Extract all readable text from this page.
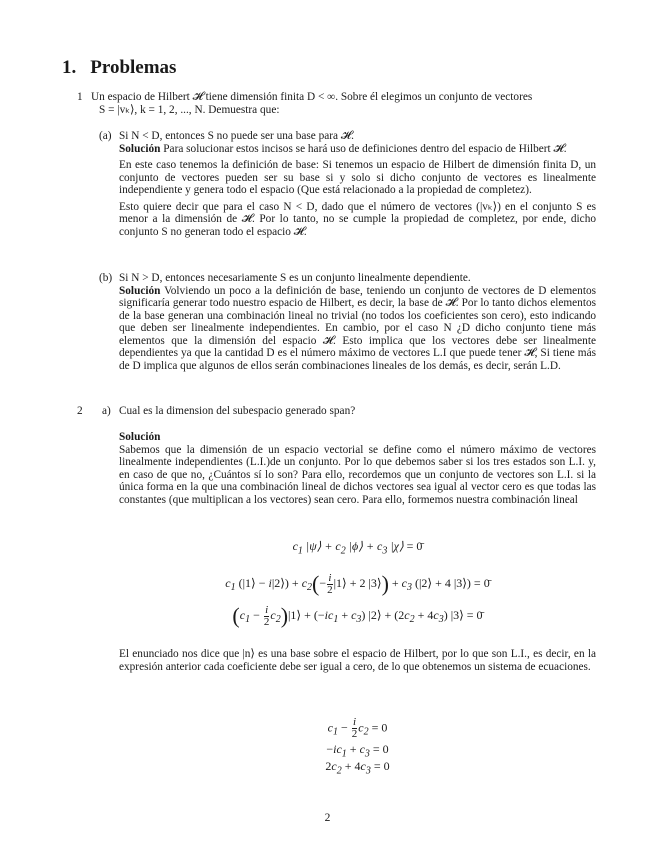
1. Problemas
1 Un espacio de Hilbert 𝓗 tiene dimensión finita D < ∞. Sobre él elegimos un conjunto de vectores

S = |vₖ⟩, k = 1, 2, ..., N. Demuestra que:

(a) Si N < D, entonces S no puede ser una base para 𝓗.

Solución Para solucionar estos incisos se hará uso de definiciones dentro del espacio de Hilbert 𝓗.

En este caso tenemos la definición de base: Si tenemos un espacio de Hilbert de dimensión finita D, un conjunto de vectores pueden ser su base si y solo si dicho conjunto de vectores es linealmente independiente y genera todo el espacio (Que está relacionado a la propiedad de completez).

Esto quiere decir que para el caso N < D, dado que el número de vectores (|vₖ⟩) en el conjunto S es menor a la dimensión de 𝓗. Por lo tanto, no se cumple la propiedad de completez, por ende, dicho conjunto S no generan todo el espacio 𝓗.

(b) Si N > D, entonces necesariamente S es un conjunto linealmente dependiente.

Solución Volviendo un poco a la definición de base, teniendo un conjunto de vectores de D elementos significaría generar todo nuestro espacio de Hilbert, es decir, la base de 𝓗. Por lo tanto dichos elementos de la base generan una combinación lineal no trivial (no todos los coeficientes son cero), esto indicando que deben ser linealmente independientes. En cambio, por el caso N ¿D dicho conjunto tiene más elementos que la dimensión del espacio 𝓗. Esto implica que los vectores debe ser linealmente dependientes ya que la cantidad D es el número máximo de vectores L.I que puede tener 𝓗, Si tiene más de D implica que algunos de ellos serán combinaciones lineales de los demás, es decir, serán L.D.

2 a) Cual es la dimension del subespacio generado span?

Solución

Sabemos que la dimensión de un espacio vectorial se define como el número máximo de vectores linealmente independientes (L.I.)de un conjunto. Por lo que debemos saber si los tres estados son L.I. y, en caso de que no, ¿Cuántos sí lo son? Para ello, recordemos que un conjunto de vectores son L.I. si la única forma en la que una combinación lineal de dichos vectores sea igual al vector cero es que todas las constantes (que multiplican a los vectores) sean cero. Para ello, formemos nuestra combinación lineal

$c_1$ |ψ⟩ + $c_2$ |ϕ⟩ + $c_3$ |χ⟩ = 0̄
$c_1$ (|1⟩ − i|2⟩) + $c_2(- \frac{i}{2}$ |1⟩ + 2 |3⟩) + $c_3$ (|2⟩ + 4 |3⟩) = 0̄
($c_1 - \frac{i}{2}$ $c_2)|1⟩ + (-ic_1 + c_3)$ |2⟩ + $(2c_2 + 4c_3)$ |3⟩ = 0̄
El enunciado nos dice que |n⟩ es una base sobre el espacio de Hilbert, por lo que son L.I., es decir, en la expresión anterior cada coeficiente debe ser igual a cero, de lo que obtenemos un sistema de ecuaciones.
$c_1 - \frac{i}{2} c_2 = 0$
$-ic_1 + c_3 = 0$
$2c_2 + 4c_3 = 0$
2
